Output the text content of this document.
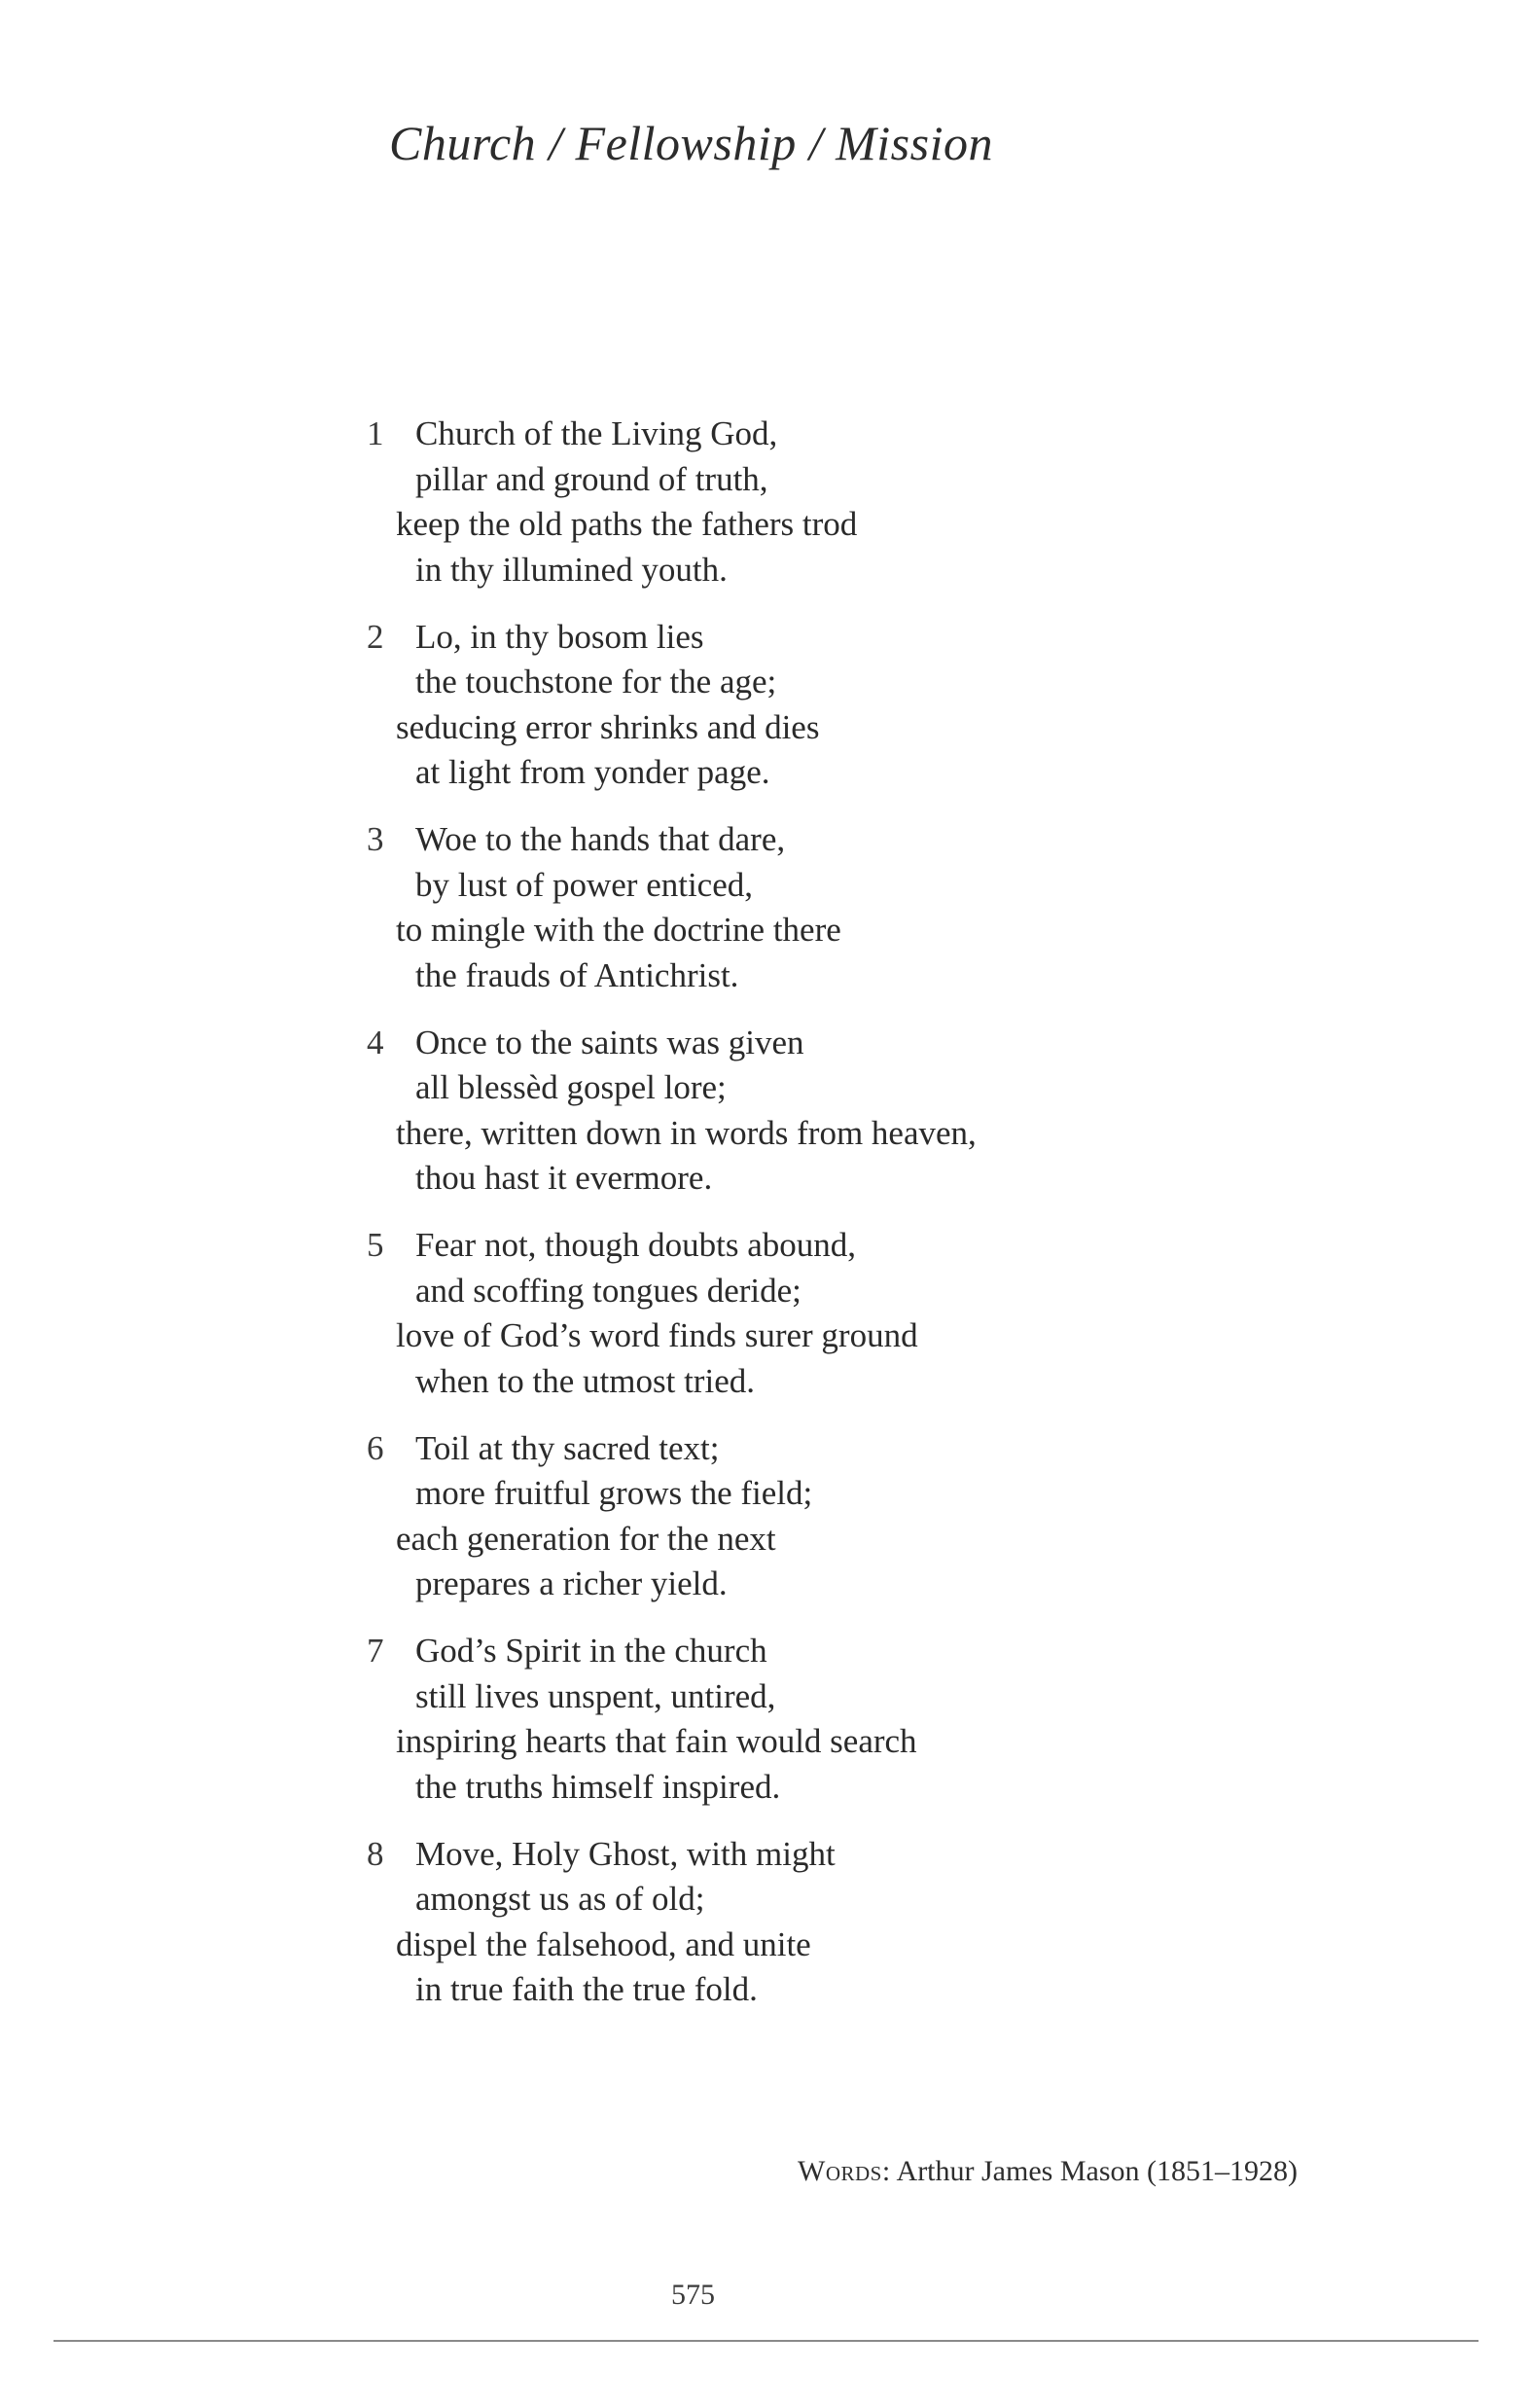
Church / Fellowship / Mission
1 Church of the Living God,
pillar and ground of truth,
keep the old paths the fathers trod
in thy illumined youth.
2 Lo, in thy bosom lies
the touchstone for the age;
seducing error shrinks and dies
at light from yonder page.
3 Woe to the hands that dare,
by lust of power enticed,
to mingle with the doctrine there
the frauds of Antichrist.
4 Once to the saints was given
all blessèd gospel lore;
there, written down in words from heaven,
thou hast it evermore.
5 Fear not, though doubts abound,
and scoffing tongues deride;
love of God’s word finds surer ground
when to the utmost tried.
6 Toil at thy sacred text;
more fruitful grows the field;
each generation for the next
prepares a richer yield.
7 God’s Spirit in the church
still lives unspent, untired,
inspiring hearts that fain would search
the truths himself inspired.
8 Move, Holy Ghost, with might
amongst us as of old;
dispel the falsehood, and unite
in true faith the true fold.
Words: Arthur James Mason (1851–1928)
575
